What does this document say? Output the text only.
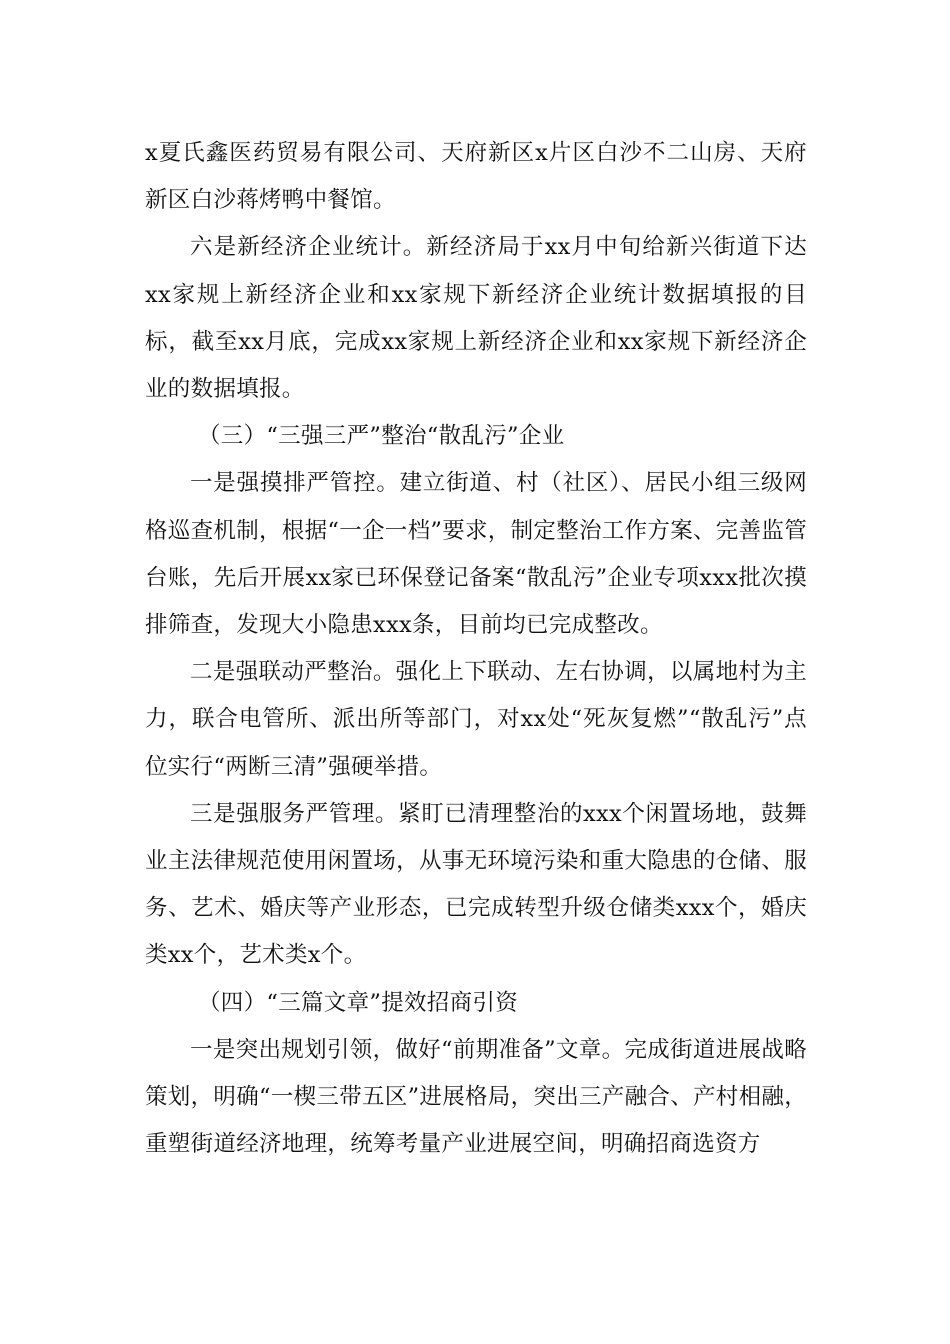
x夏氏鑫医药贸易有限公司、天府新区x片区白沙不二山房、天府新区白沙蒋烤鸭中餐馆。

六是新经济企业统计。新经济局于xx月中旬给新兴街道下达xx家规上新经济企业和xx家规下新经济企业统计数据填报的目标，截至xx月底，完成xx家规上新经济企业和xx家规下新经济企业的数据填报。

（三）“三强三严”整治“散乱污”企业

一是强摸排严管控。建立街道、村（社区）、居民小组三级网格巡查机制，根据“一企一档”要求，制定整治工作方案、完善监管台账，先后开展xx家已环保登记备案“散乱污”企业专项xxx批次摸排筛查，发现大小隐患xxx条，目前均已完成整改。

二是强联动严整治。强化上下联动、左右协调，以属地村为主力，联合电管所、派出所等部门，对xx处“死灰复燃”“散乱污”点位实行“两断三清”强硬举措。

三是强服务严管理。紧盯已清理整治的xxx个闲置场地，鼓舞业主法律规范使用闲置场，从事无环境污染和重大隐患的仓储、服务、艺术、婚庆等产业形态，已完成转型升级仓储类xxx个，婚庆类xx个，艺术类x个。

（四）“三篇文章”提效招商引资

一是突出规划引领，做好“前期准备”文章。完成街道进展战略策划，明确“一楔三带五区”进展格局，突出三产融合、产村相融，重塑街道经济地理，统筹考量产业进展空间，明确招商选资方
